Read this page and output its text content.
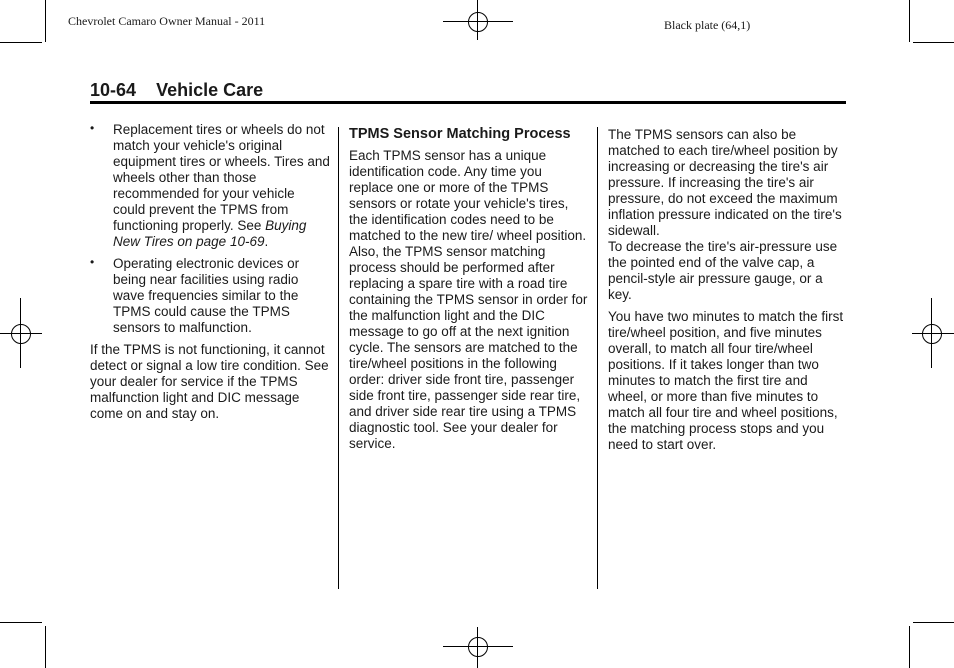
Chevrolet Camaro Owner Manual - 2011	Black plate (64,1)
10-64 Vehicle Care
• Replacement tires or wheels do not match your vehicle's original equipment tires or wheels. Tires and wheels other than those recommended for your vehicle could prevent the TPMS from functioning properly. See Buying New Tires on page 10-69.
• Operating electronic devices or being near facilities using radio wave frequencies similar to the TPMS could cause the TPMS sensors to malfunction.

If the TPMS is not functioning, it cannot detect or signal a low tire condition. See your dealer for service if the TPMS malfunction light and DIC message come on and stay on.

TPMS Sensor Matching Process

Each TPMS sensor has a unique identification code. Any time you replace one or more of the TPMS sensors or rotate your vehicle's tires, the identification codes need to be matched to the new tire/ wheel position. Also, the TPMS sensor matching process should be performed after replacing a spare tire with a road tire containing the TPMS sensor in order for the malfunction light and the DIC message to go off at the next ignition cycle. The sensors are matched to the tire/wheel positions in the following order: driver side front tire, passenger side front tire, passenger side rear tire, and driver side rear tire using a TPMS diagnostic tool. See your dealer for service.

The TPMS sensors can also be matched to each tire/wheel position by increasing or decreasing the tire's air pressure. If increasing the tire's air pressure, do not exceed the maximum inflation pressure indicated on the tire's sidewall.

To decrease the tire's air-pressure use the pointed end of the valve cap, a pencil-style air pressure gauge, or a key.

You have two minutes to match the first tire/wheel position, and five minutes overall, to match all four tire/wheel positions. If it takes longer than two minutes to match the first tire and wheel, or more than five minutes to match all four tire and wheel positions, the matching process stops and you need to start over.
